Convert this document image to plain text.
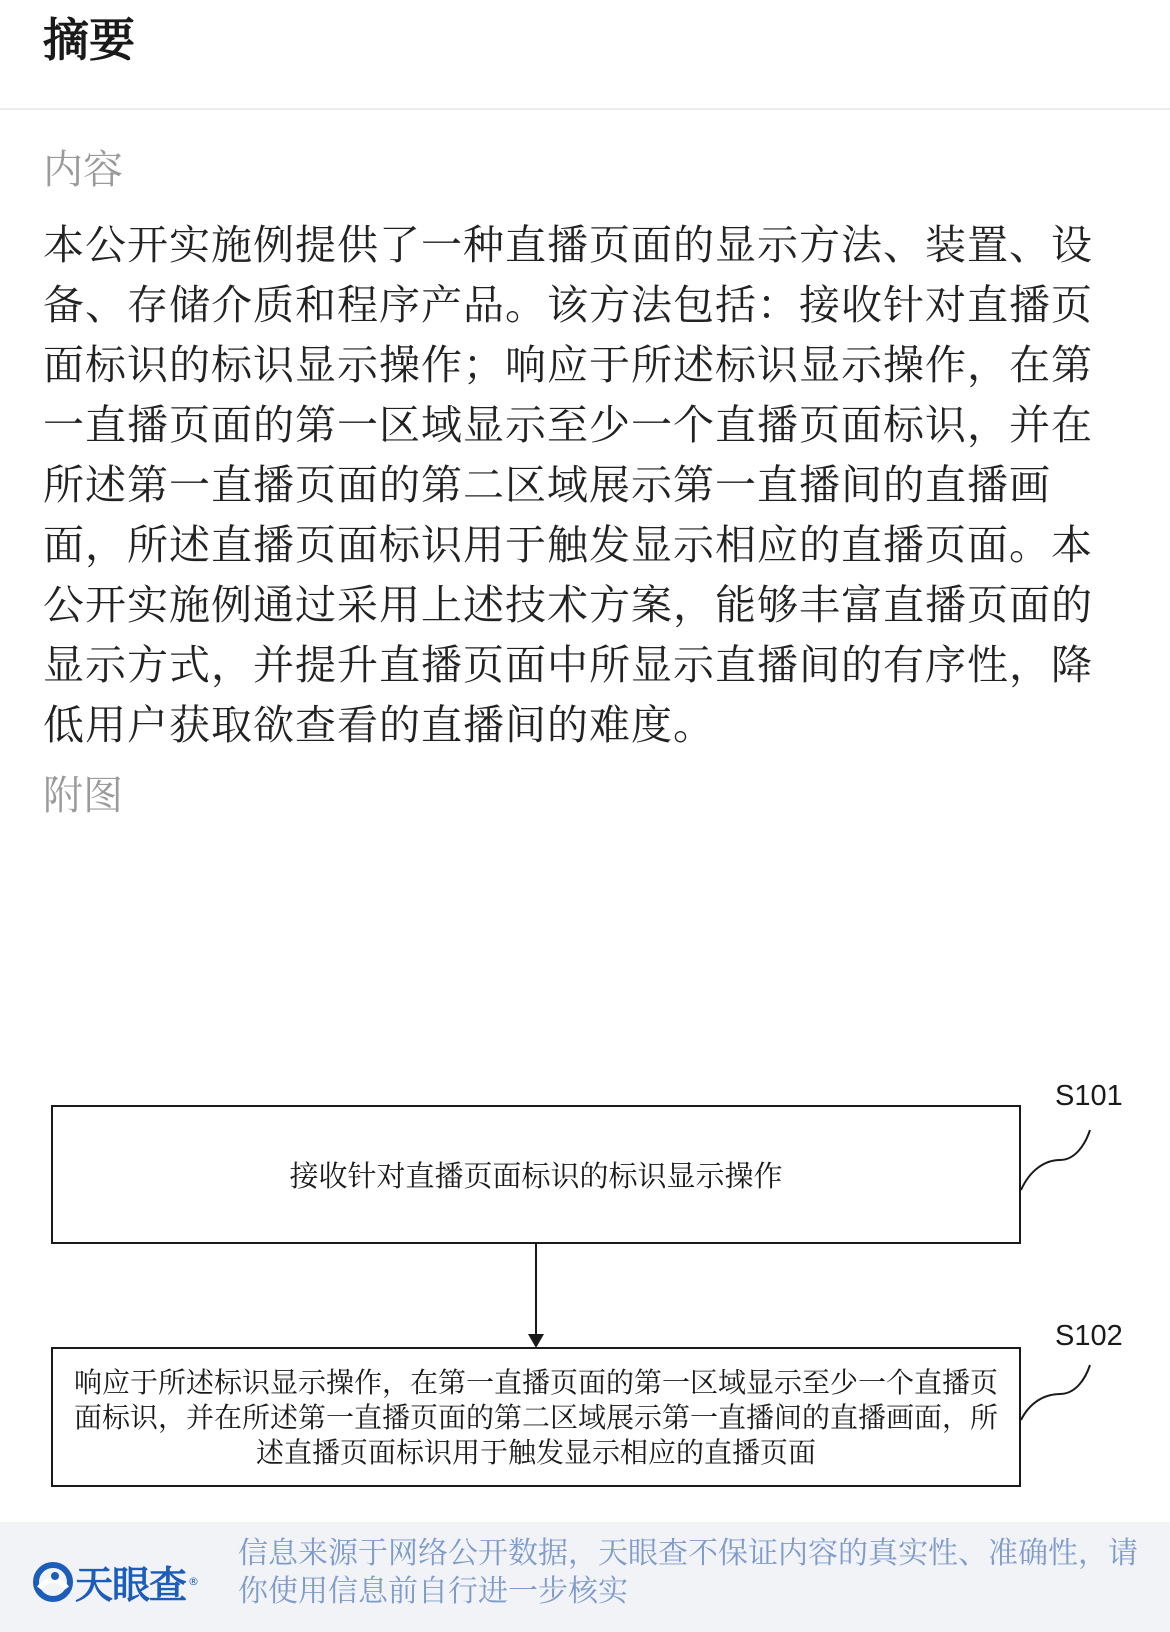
摘要
内容
本公开实施例提供了一种直播页面的显示方法、装置、设备、存储介质和程序产品。该方法包括：接收针对直播页面标识的标识显示操作；响应于所述标识显示操作，在第一直播页面的第一区域显示至少一个直播页面标识，并在所述第一直播页面的第二区域展示第一直播间的直播画面，所述直播页面标识用于触发显示相应的直播页面。本公开实施例通过采用上述技术方案，能够丰富直播页面的显示方式，并提升直播页面中所显示直播间的有序性，降低用户获取欲查看的直播间的难度。
附图
接收针对直播页面标识的标识显示操作
S101
响应于所述标识显示操作，在第一直播页面的第一区域显示至少一个直播页面标识，并在所述第一直播页面的第二区域展示第一直播间的直播画面，所述直播页面标识用于触发显示相应的直播页面
S102
天眼查 ®
信息来源于网络公开数据，天眼查不保证内容的真实性、准确性，请你使用信息前自行进一步核实
